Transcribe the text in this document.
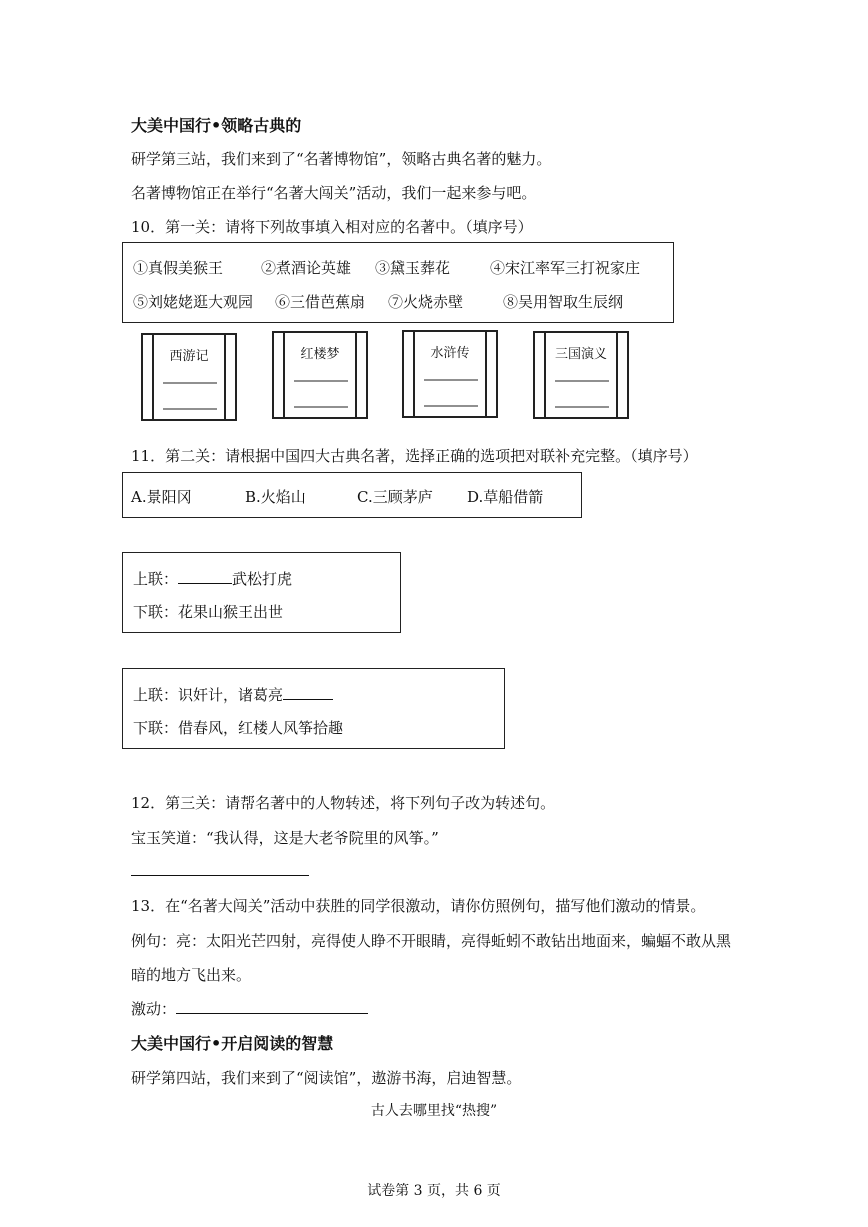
大美中国行•领略古典的
研学第三站，我们来到了“名著博物馆”，领略古典名著的魅力。
名著博物馆正在举行“名著大闯关”活动，我们一起来参与吧。
10．第一关：请将下列故事填入相对应的名著中。（填序号）
①真假美猴王	②煮酒论英雄 ③黛玉葬花	④宋江率军三打祝家庄
⑤刘姥姥逛大观园 ⑥三借芭蕉扇 ⑦火烧赤壁	⑧吴用智取生辰纲
西游记	红楼梦	水浒传	三国演义
11．第二关：请根据中国四大古典名著，选择正确的选项把对联补充完整。（填序号）
A.景阳冈	B.火焰山	C.三顾茅庐 D.草船借箭
上联：	武松打虎
下联：花果山猴王出世
上联：识奸计，诸葛亮
下联：借春风，红楼人风筝拾趣
12．第三关：请帮名著中的人物转述，将下列句子改为转述句。
宝玉笑道：“我认得，这是大老爷院里的风筝。”
13．在“名著大闯关”活动中获胜的同学很激动，请你仿照例句，描写他们激动的情景。
例句：亮：太阳光芒四射，亮得使人睁不开眼睛，亮得蚯蚓不敢钻出地面来，蝙蝠不敢从黑
暗的地方飞出来。
激动：
大美中国行•开启阅读的智慧
研学第四站，我们来到了“阅读馆”，遨游书海，启迪智慧。
古人去哪里找“热搜”
试卷第 3 页，共 6 页
